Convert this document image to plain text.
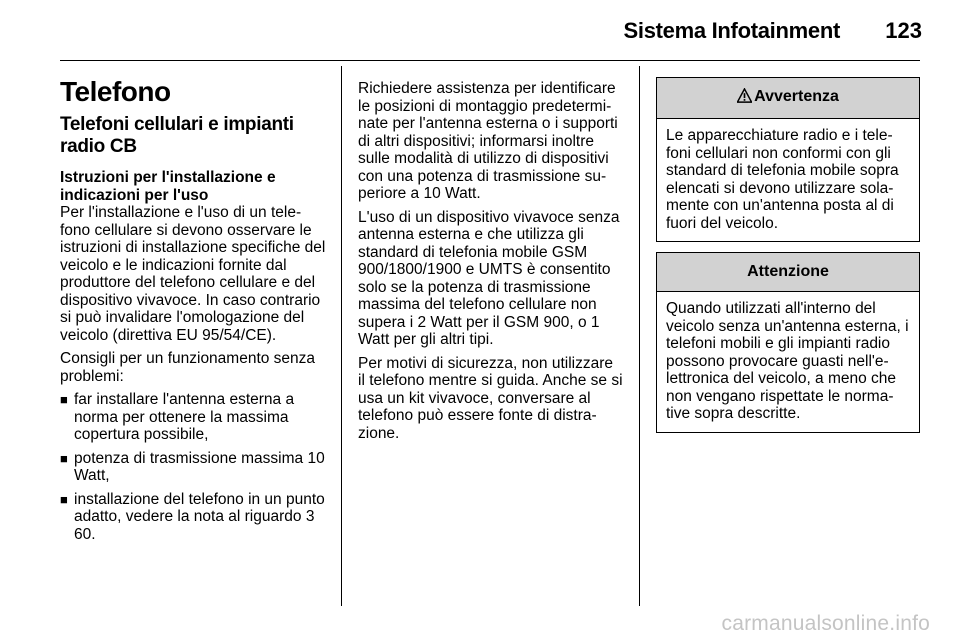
Sistema Infotainment	123
Telefono
Telefoni cellulari e impianti radio CB
Istruzioni per l'installazione e indicazioni per l'uso

Per l'installazione e l'uso di un telefono cellulare si devono osservare le istruzioni di installazione specifiche del veicolo e le indicazioni fornite dal produttore del telefono cellulare e del dispositivo vivavoce. In caso contrario si può invalidare l'omologazione del veicolo (direttiva EU 95/54/CE).

Consigli per un funzionamento senza problemi:

■ far installare l'antenna esterna a norma per ottenere la massima copertura possibile,
■ potenza di trasmissione massima 10 Watt,
■ installazione del telefono in un punto adatto, vedere la nota al riguardo 3 60.

Richiedere assistenza per identificare le posizioni di montaggio predeterminate per l'antenna esterna o i supporti di altri dispositivi; informarsi inoltre sulle modalità di utilizzo di dispositivi con una potenza di trasmissione superiore a 10 Watt.

L'uso di un dispositivo vivavoce senza antenna esterna e che utilizza gli standard di telefonia mobile GSM 900/1800/1900 e UMTS è consentito solo se la potenza di trasmissione massima del telefono cellulare non supera i 2 Watt per il GSM 900, o 1 Watt per gli altri tipi.

Per motivi di sicurezza, non utilizzare il telefono mentre si guida. Anche se si usa un kit vivavoce, conversare al telefono può essere fonte di distrazione.

Avvertenza
Le apparecchiature radio e i telefoni cellulari non conformi con gli standard di telefonia mobile sopra elencati si devono utilizzare solamente con un'antenna posta al di fuori del veicolo.
Attenzione
Quando utilizzati all'interno del veicolo senza un'antenna esterna, i telefoni mobili e gli impianti radio possono provocare guasti nell'elettronica del veicolo, a meno che non vengano rispettate le normative sopra descritte.
carmanualsonline.info
